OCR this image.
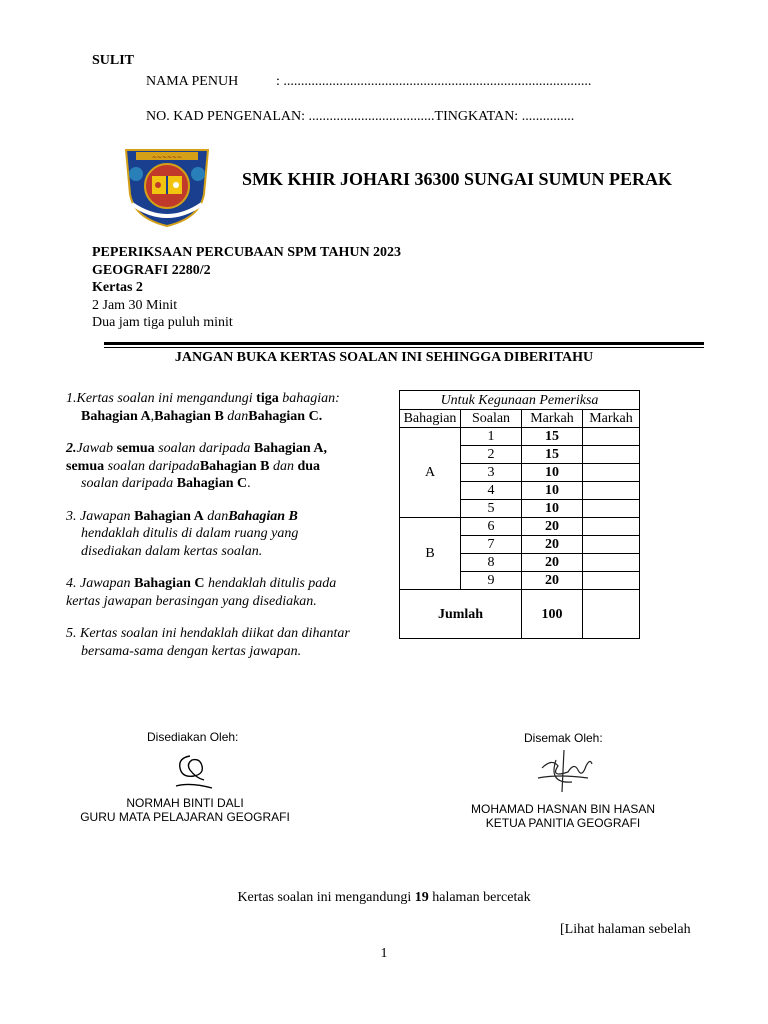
SULIT
NAMA PENUH	: ........................................................................................
NO. KAD PENGENALAN: ....................................TINGKATAN: ...............
~~~~~~
SMK KHIR JOHARI 36300 SUNGAI SUMUN PERAK
PEPERIKSAAN PERCUBAAN SPM TAHUN 2023
GEOGRAFI 2280/2
Kertas 2
2 Jam 30 Minit
Dua jam tiga puluh minit
JANGAN BUKA KERTAS SOALAN INI SEHINGGA DIBERITAHU

1.Kertas soalan ini mengandungi tiga bahagian:
Bahagian A,Bahagian B danBahagian C.

2.Jawab semua soalan daripada Bahagian A,
semua soalan daripadaBahagian B dan dua
soalan daripada Bahagian C.

3. Jawapan Bahagian A danBahagian B
hendaklah ditulis di dalam ruang yang
disediakan dalam kertas soalan.

4. Jawapan Bahagian C hendaklah ditulis pada
kertas jawapan berasingan yang disediakan.

5. Kertas soalan ini hendaklah diikat dan dihantar
bersama-sama dengan kertas jawapan.

Untuk Kegunaan Pemeriksa			
Bahagian	Soalan	Markah	Markah
A	1	15	
	2	15	
	3	10	
	4	10	
	5	10	
B	6	20	
	7	20	
	8	20	
	9	20	
Jumlah		100	
Disediakan Oleh:	Disemak Oleh:
NORMAH BINTI DALI
GURU MATA PELAJARAN GEOGRAFI
MOHAMAD HASNAN BIN HASAN
KETUA PANITIA GEOGRAFI
Kertas soalan ini mengandungi 19 halaman bercetak
[Lihat halaman sebelah
1
